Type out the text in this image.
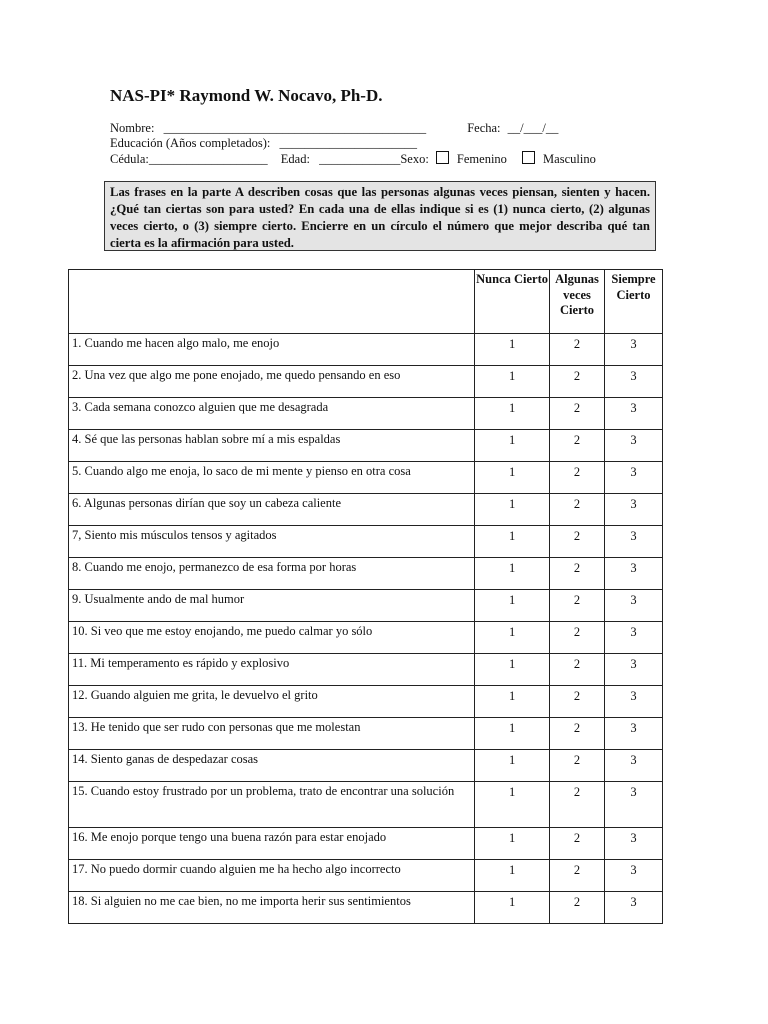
NAS-PI* Raymond W. Nocavo, Ph-D.
Nombre: __________________________________________	Fecha: __/___/__
Educación (Años completados): ______________________
Cédula:___________________ Edad: _____________Sexo: Femenino	Masculino
Las frases en la parte A describen cosas que las personas algunas veces piensan, sienten y hacen. ¿Qué tan ciertas son para usted? En cada una de ellas indique si es (1) nunca cierto, (2) algunas veces cierto, o (3) siempre cierto. Encierre en un círculo el número que mejor describa qué tan cierta es la afirmación para usted.
	Nunca Cierto	Algunas veces Cierto	Siempre Cierto
1. Cuando me hacen algo malo, me enojo	1	2	3
2. Una vez que algo me pone enojado, me quedo pensando en eso	1	2	3
3. Cada semana conozco alguien que me desagrada	1	2	3
4. Sé que las personas hablan sobre mí a mis espaldas	1	2	3
5. Cuando algo me enoja, lo saco de mi mente y pienso en otra cosa	1	2	3
6. Algunas personas dirían que soy un cabeza caliente	1	2	3
7, Siento mis músculos tensos y agitados	1	2	3
8. Cuando me enojo, permanezco de esa forma por horas	1	2	3
9. Usualmente ando de mal humor	1	2	3
10. Si veo que me estoy enojando, me puedo calmar yo sólo	1	2	3
11. Mi temperamento es rápido y explosivo	1	2	3
12. Guando alguien me grita, le devuelvo el grito	1	2	3
13. He tenido que ser rudo con personas que me molestan	1	2	3
14. Siento ganas de despedazar cosas	1	2	3
15. Cuando estoy frustrado por un problema, trato de encontrar una solución	1	2	3
16. Me enojo porque tengo una buena razón para estar enojado	1	2	3
17. No puedo dormir cuando alguien me ha hecho algo incorrecto	1	2	3
18. Si alguien no me cae bien, no me importa herir sus sentimientos	1	2	3
